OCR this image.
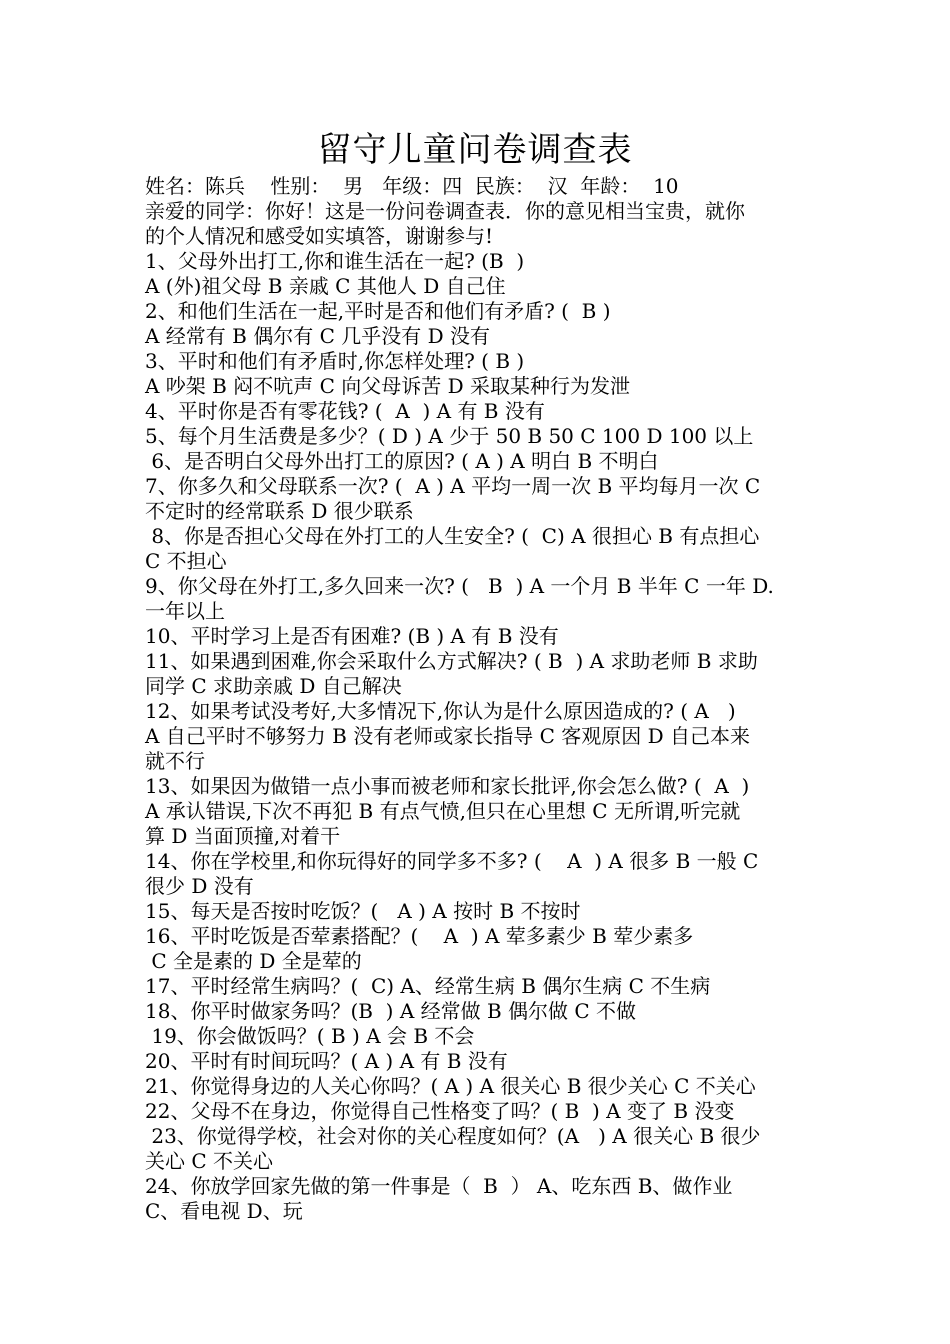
留守儿童问卷调查表
姓名：陈兵    性别：  男   年级：四  民族：  汉  年龄：  10
亲爱的同学：你好！这是一份问卷调查表．你的意见相当宝贵，就你
的个人情况和感受如实填答，谢谢参与!
1、父母外出打工,你和谁生活在一起? (B  )
A (外)祖父母 B 亲戚 C 其他人 D 自己住
2、和他们生活在一起,平时是否和他们有矛盾? (  B )
A 经常有 B 偶尔有 C 几乎没有 D 没有
3、平时和他们有矛盾时,你怎样处理? ( B )
A 吵架 B 闷不吭声 C 向父母诉苦 D 采取某种行为发泄
4、平时你是否有零花钱? (  A  ) A 有 B 没有
5、每个月生活费是多少？( D ) A 少于 50 B 50 C 100 D 100 以上
6、是否明白父母外出打工的原因? ( A ) A 明白 B 不明白
7、你多久和父母联系一次? (  A ) A 平均一周一次 B 平均每月一次 C
不定时的经常联系 D 很少联系
8、你是否担心父母在外打工的人生安全? (  C) A 很担心 B 有点担心
C 不担心
9、你父母在外打工,多久回来一次? (   B  ) A 一个月 B 半年 C 一年 D.
一年以上
10、平时学习上是否有困难? (B ) A 有 B 没有
11、如果遇到困难,你会采取什么方式解决? ( B  ) A 求助老师 B 求助
同学 C 求助亲戚 D 自己解决
12、如果考试没考好,大多情况下,你认为是什么原因造成的? ( A   )
A 自己平时不够努力 B 没有老师或家长指导 C 客观原因 D 自己本来
就不行
13、如果因为做错一点小事而被老师和家长批评,你会怎么做? (  A  )
A 承认错误,下次不再犯 B 有点气愤,但只在心里想 C 无所谓,听完就
算 D 当面顶撞,对着干
14、你在学校里,和你玩得好的同学多不多? (    A  ) A 很多 B 一般 C
很少 D 没有
15、每天是否按时吃饭？(   A ) A 按时 B 不按时
16、平时吃饭是否荤素搭配？(    A  ) A 荤多素少 B 荤少素多
C 全是素的 D 全是荤的
17、平时经常生病吗？(  C) A、经常生病 B 偶尔生病 C 不生病
18、你平时做家务吗？(B  ) A 经常做 B 偶尔做 C 不做
19、你会做饭吗？( B ) A 会 B 不会
20、平时有时间玩吗？( A ) A 有 B 没有
21、你觉得身边的人关心你吗？( A ) A 很关心 B 很少关心 C 不关心
22、父母不在身边，你觉得自己性格变了吗？( B  ) A 变了 B 没变
23、你觉得学校，社会对你的关心程度如何？(A   ) A 很关心 B 很少
关心 C 不关心
24、你放学回家先做的第一件事是（  B  ） A、吃东西 B、做作业
C、看电视 D、玩
